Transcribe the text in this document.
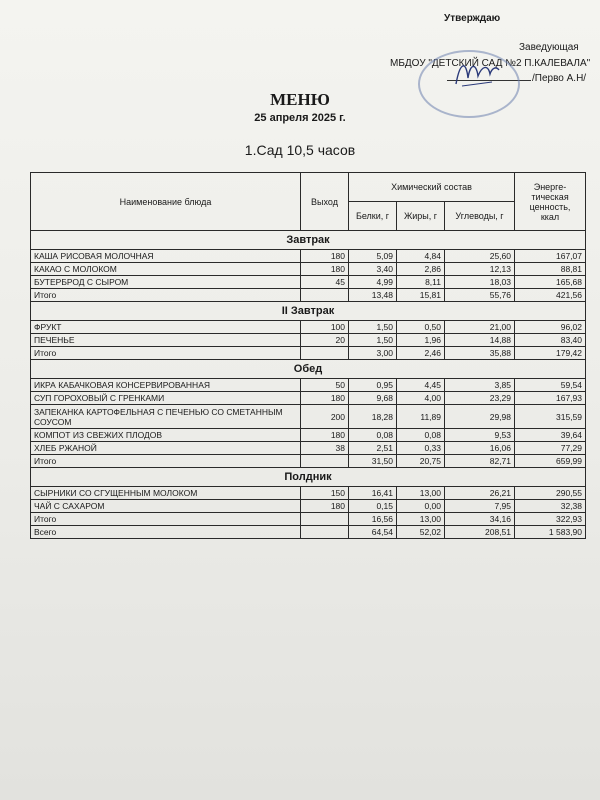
Утверждаю
Заведующая
МБДОУ "ДЕТСКИЙ САД №2 П.КАЛЕВАЛА"
/Перво А.Н/
МЕНЮ
25 апреля 2025 г.
1.Сад 10,5 часов
Наименование блюда	Выход	Химический состав			Энерге-
тическая
ценность,
ккал

		Белки, г	Жиры, г	Углеводы, г	
Завтрак					
КАША РИСОВАЯ МОЛОЧНАЯ	180	5,09	4,84	25,60	167,07
КАКАО С МОЛОКОМ	180	3,40	2,86	12,13	88,81
БУТЕРБРОД С СЫРОМ	45	4,99	8,11	18,03	165,68
Итого		13,48	15,81	55,76	421,56
II Завтрак					
ФРУКТ	100	1,50	0,50	21,00	96,02
ПЕЧЕНЬЕ	20	1,50	1,96	14,88	83,40
Итого		3,00	2,46	35,88	179,42
Обед					
ИКРА КАБАЧКОВАЯ КОНСЕРВИРОВАННАЯ	50	0,95	4,45	3,85	59,54
СУП ГОРОХОВЫЙ С ГРЕНКАМИ	180	9,68	4,00	23,29	167,93
ЗАПЕКАНКА КАРТОФЕЛЬНАЯ С ПЕЧЕНЬЮ СО СМЕТАННЫМ СОУСОМ	200	18,28	11,89	29,98	315,59
КОМПОТ ИЗ СВЕЖИХ ПЛОДОВ	180	0,08	0,08	9,53	39,64
ХЛЕБ РЖАНОЙ	38	2,51	0,33	16,06	77,29
Итого		31,50	20,75	82,71	659,99
Полдник					
СЫРНИКИ СО СГУЩЕННЫМ МОЛОКОМ	150	16,41	13,00	26,21	290,55
ЧАЙ С САХАРОМ	180	0,15	0,00	7,95	32,38
Итого		16,56	13,00	34,16	322,93
Всего		64,54	52,02	208,51	1 583,90
